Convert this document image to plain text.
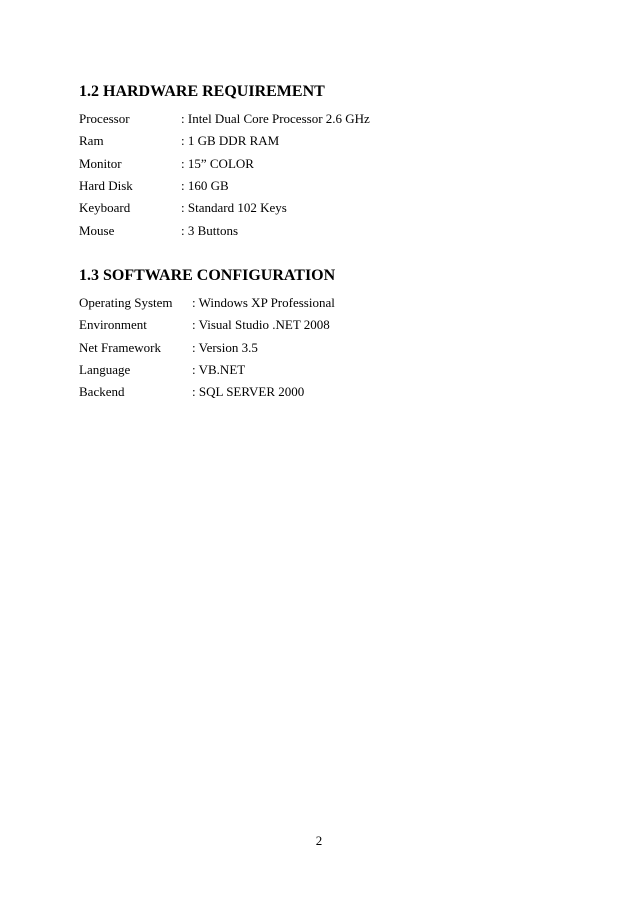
1.2 HARDWARE REQUIREMENT
Processor	: Intel Dual Core Processor 2.6 GHz
Ram	: 1 GB DDR RAM
Monitor	: 15” COLOR
Hard Disk	: 160 GB
Keyboard	: Standard 102 Keys
Mouse	: 3 Buttons
1.3 SOFTWARE CONFIGURATION
Operating System	: Windows XP Professional
Environment	: Visual Studio .NET 2008
Net Framework	: Version 3.5
Language	: VB.NET
Backend	: SQL SERVER 2000
2
